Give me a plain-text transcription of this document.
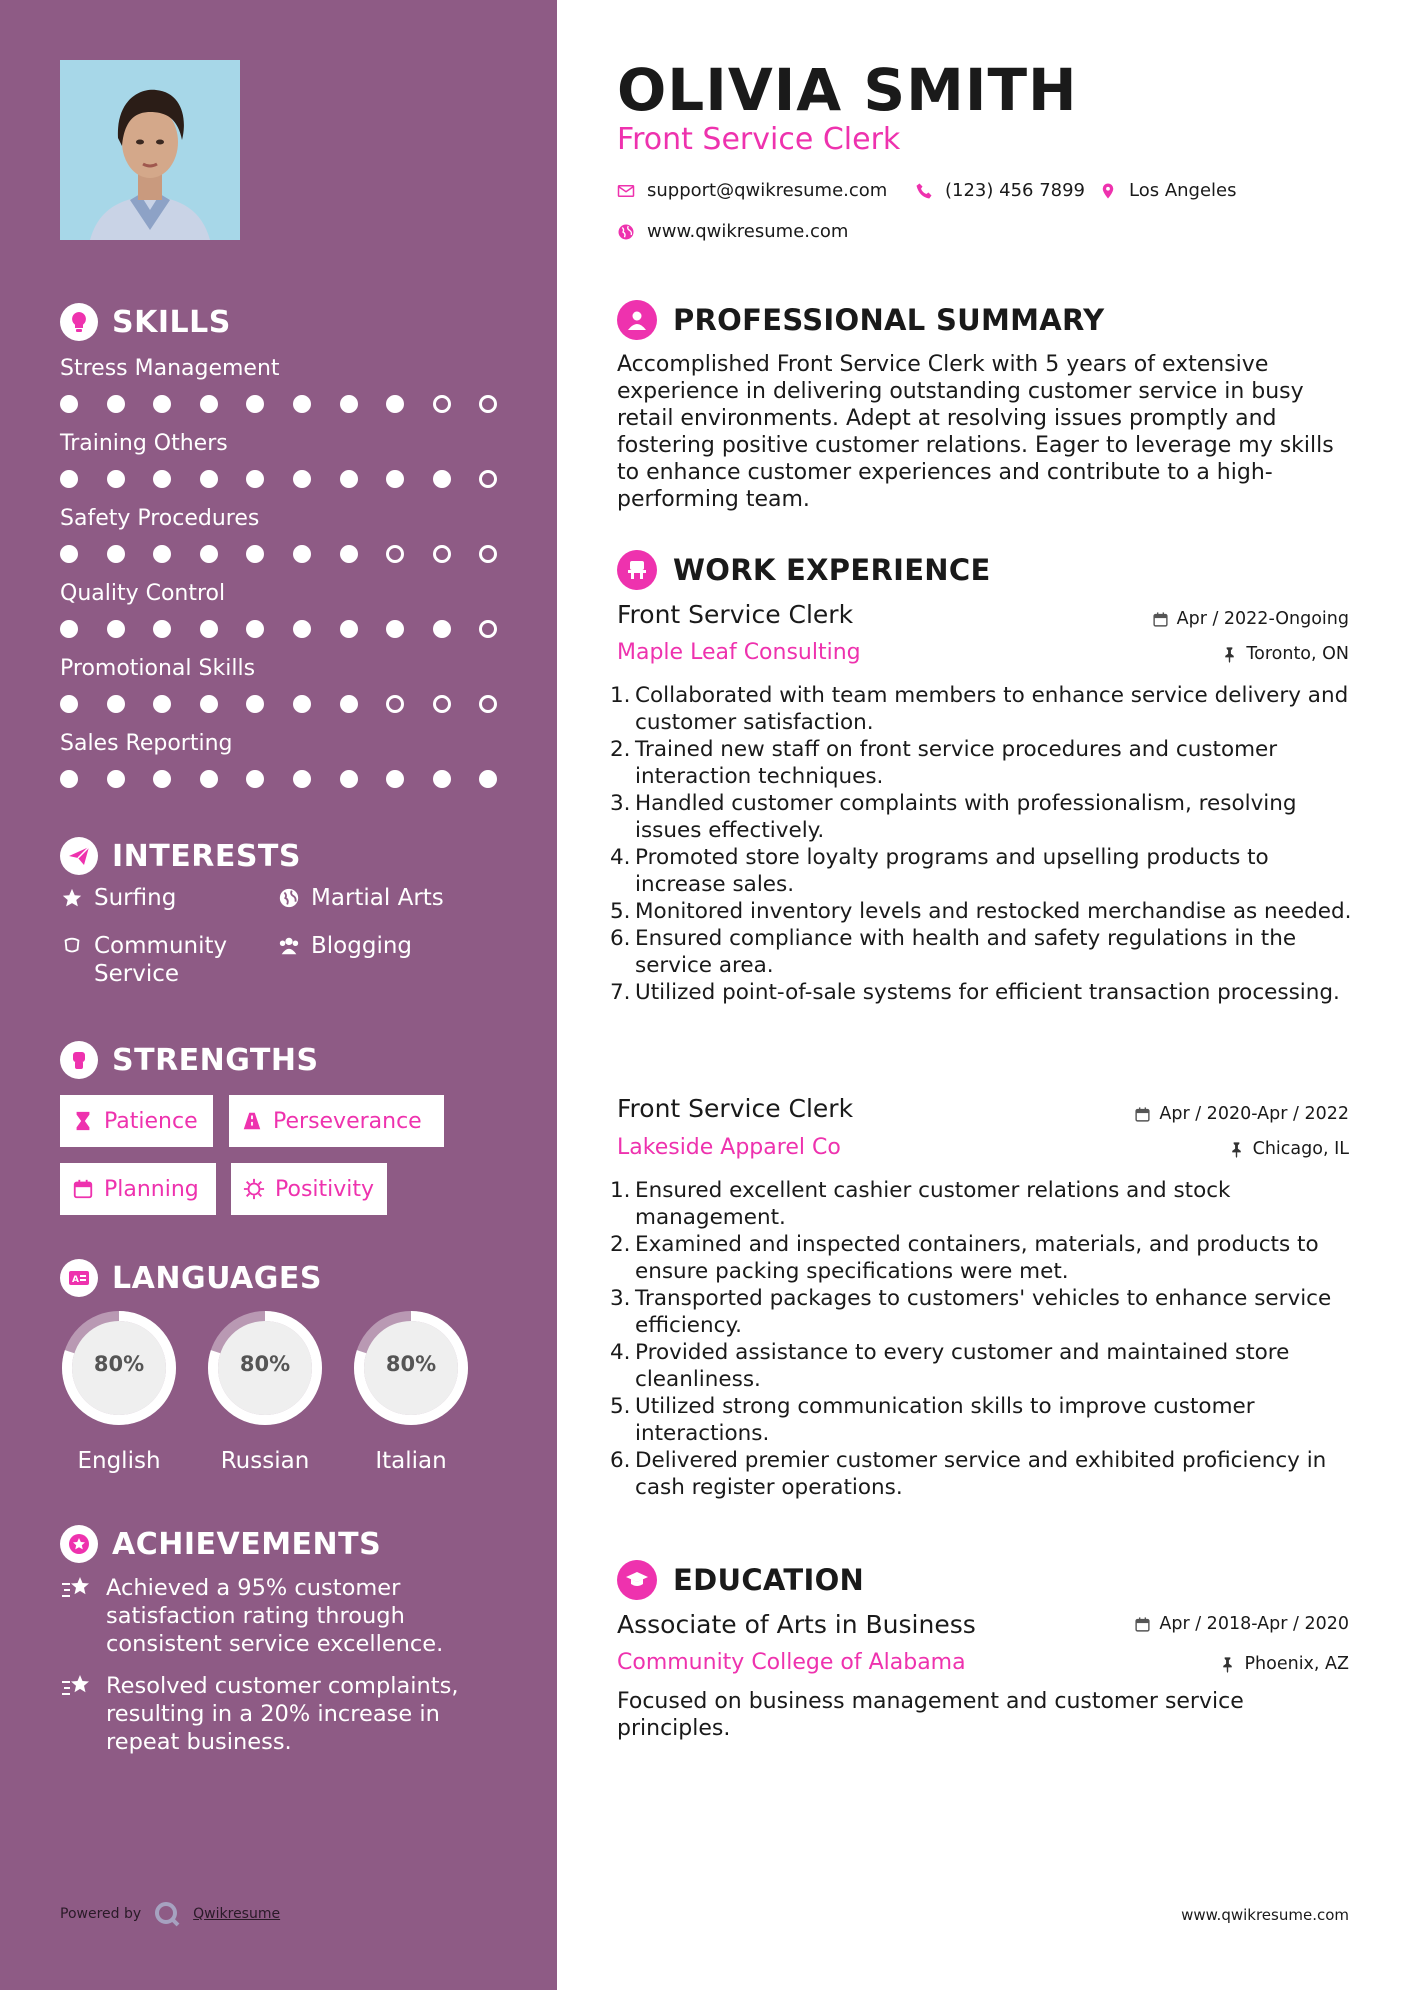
SKILLS
Stress Management
Training Others
Safety Procedures
Quality Control
Promotional Skills
Sales Reporting
INTERESTS
Surfing	Martial Arts
Community Service
Blogging
STRENGTHS
Patience	Perseverance
Planning	Positivity
A LANGUAGES
80%
English
80%
Russian
80%
Italian
ACHIEVEMENTS
Achieved a 95% customer satisfaction rating through consistent service excellence.
Resolved customer complaints, resulting in a 20% increase in repeat business.
Powered by	Qwikresume
OLIVIA SMITH
Front Service Clerk
support@qwikresume.com	(123) 456 7899 Los Angeles
www.qwikresume.com
PROFESSIONAL SUMMARY
Accomplished Front Service Clerk with 5 years of extensive experience in delivering outstanding customer service in busy retail environments. Adept at resolving issues promptly and fostering positive customer relations. Eager to leverage my skills to enhance customer experiences and contribute to a high-performing team.
WORK EXPERIENCE
Front Service Clerk	Apr / 2022-Ongoing
Maple Leaf Consulting	Toronto, ON
1. Collaborated with team members to enhance service delivery and customer satisfaction.
2. Trained new staff on front service procedures and customer interaction techniques.
3. Handled customer complaints with professionalism, resolving issues effectively.
4. Promoted store loyalty programs and upselling products to increase sales.
5. Monitored inventory levels and restocked merchandise as needed.
6. Ensured compliance with health and safety regulations in the service area.
7. Utilized point-of-sale systems for efficient transaction processing.
Front Service Clerk	Apr / 2020-Apr / 2022
Lakeside Apparel Co	Chicago, IL
1. Ensured excellent cashier customer relations and stock management.
2. Examined and inspected containers, materials, and products to ensure packing specifications were met.
3. Transported packages to customers' vehicles to enhance service efficiency.
4. Provided assistance to every customer and maintained store cleanliness.
5. Utilized strong communication skills to improve customer interactions.
6. Delivered premier customer service and exhibited proficiency in cash register operations.
EDUCATION
Associate of Arts in Business	Apr / 2018-Apr / 2020
Community College of Alabama	Phoenix, AZ
Focused on business management and customer service principles.
www.qwikresume.com
